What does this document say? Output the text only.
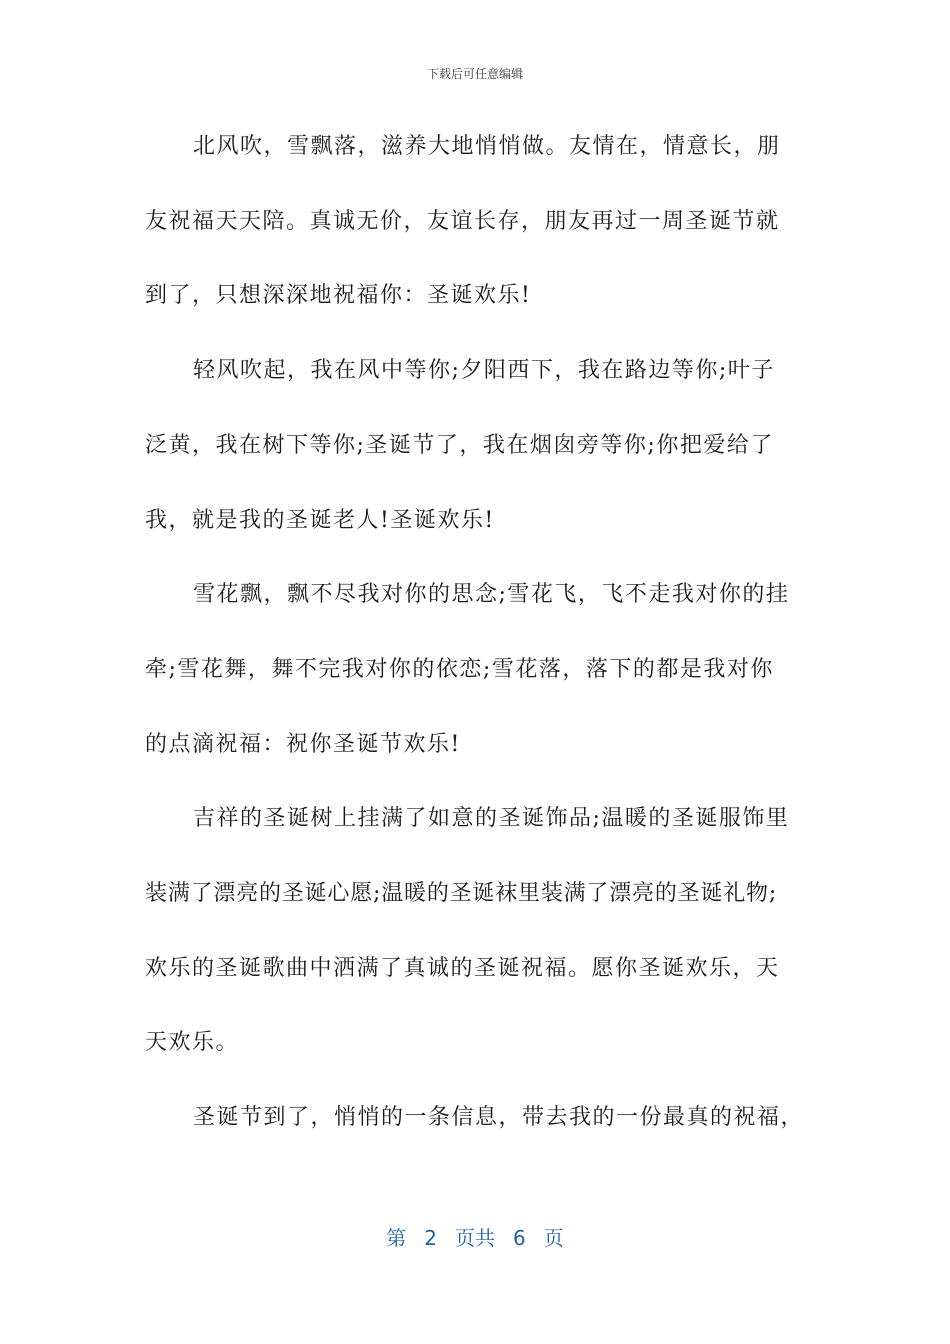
下载后可任意编辑
北风吹，雪飘落，滋养大地悄悄做。友情在，情意长，朋
友祝福天天陪。真诚无价，友谊长存，朋友再过一周圣诞节就
到了，只想深深地祝福你：圣诞欢乐!
轻风吹起，我在风中等你;夕阳西下，我在路边等你;叶子
泛黄，我在树下等你;圣诞节了，我在烟囱旁等你;你把爱给了
我，就是我的圣诞老人!圣诞欢乐!
雪花飘，飘不尽我对你的思念;雪花飞，飞不走我对你的挂
牵;雪花舞，舞不完我对你的依恋;雪花落，落下的都是我对你
的点滴祝福：祝你圣诞节欢乐!
吉祥的圣诞树上挂满了如意的圣诞饰品;温暖的圣诞服饰里
装满了漂亮的圣诞心愿;温暖的圣诞袜里装满了漂亮的圣诞礼物;
欢乐的圣诞歌曲中洒满了真诚的圣诞祝福。愿你圣诞欢乐，天
天欢乐。
圣诞节到了，悄悄的一条信息，带去我的一份最真的祝福，
第 2 页共 6 页
